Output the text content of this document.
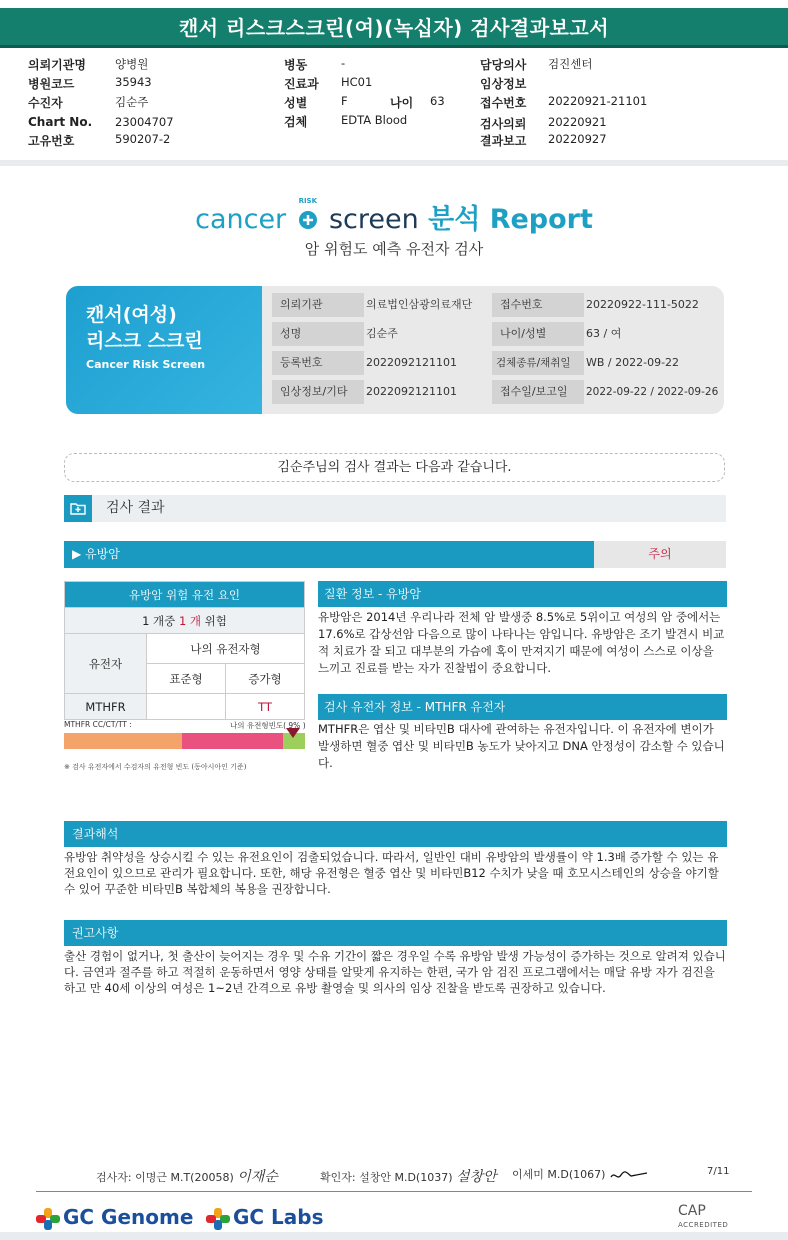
캔서 리스크스크린(여)(녹십자) 검사결과보고서
의뢰기관명	양병원
병원코드	35943
수진자	김순주
Chart No. 23004707
고유번호	590207-2
병동	-
진료과 HC01
성별	F	나이 63
검체	EDTA Blood
담당의사 검진센터
임상정보
접수번호 20220921-21101
검사의뢰 20220921
결과보고 20220927
cancer
RISK
screen 분석 Report
암 위험도 예측 유전자 검사
캔서(여성)
리스크 스크린
Cancer Risk Screen
의뢰기관	의료법인삼광의료재단
성명	김순주
등록번호	2022092121101
임상정보/기타	2022092121101
접수번호	20220922-111-5022
나이/성별	63 / 여
검체종류/채취일	WB / 2022-09-22
접수일/보고일	2022-09-22 / 2022-09-26
김순주님의 검사 결과는 다음과 같습니다.
검사 결과
▶ 유방암	주의
유방암 위험 유전 요인		
1 개중 1 개 위험		
유전자	나의 유전자형	
	표준형	증가형
MTHFR		TT
MTHFR CC/CT/TT :	나의 유전형빈도( 9% )
※ 검사 유전자에서 수검자의 유전형 빈도 (동아시아인 기준)
질환 정보 - 유방암
유방암은 2014년 우리나라 전체 암 발생중 8.5%로 5위이고 여성의 암 중에서는 17.6%로 갑상선암 다음으로 많이 나타나는 암입니다. 유방암은 조기 발견시 비교적 치료가 잘 되고 대부분의 가슴에 혹이 만져지기 때문에 여성이 스스로 이상을 느끼고 진료를 받는 자가 진찰법이 중요합니다.
검사 유전자 정보 - MTHFR 유전자
MTHFR은 엽산 및 비타민B 대사에 관여하는 유전자입니다. 이 유전자에 변이가 발생하면 혈중 엽산 및 비타민B 농도가 낮아지고 DNA 안정성이 감소할 수 있습니다.
결과해석
유방암 취약성을 상승시킬 수 있는 유전요인이 검출되었습니다. 따라서, 일반인 대비 유방암의 발생률이 약 1.3배 증가할 수 있는 유전요인이 있으므로 관리가 필요합니다. 또한, 해당 유전형은 혈중 엽산 및 비타민B12 수치가 낮을 때 호모시스테인의 상승을 야기할 수 있어 꾸준한 비타민B 복합체의 복용을 권장합니다.
권고사항
출산 경험이 없거나, 첫 출산이 늦어지는 경우 및 수유 기간이 짧은 경우일 수록 유방암 발생 가능성이 증가하는 것으로 알려져 있습니다. 금연과 절주를 하고 적절히 운동하면서 영양 상태를 알맞게 유지하는 한편, 국가 암 검진 프로그램에서는 매달 유방 자가 검진을 하고 만 40세 이상의 여성은 1~2년 간격으로 유방 촬영술 및 의사의 임상 진찰을 받도록 권장하고 있습니다.
검사자: 이명근 M.T(20058) 이재순	확인자: 설창안 M.D(1037) 설창안 이세미 M.D(1067)	7/11
GC Genome	GC Labs	CAP
ACCREDITED
